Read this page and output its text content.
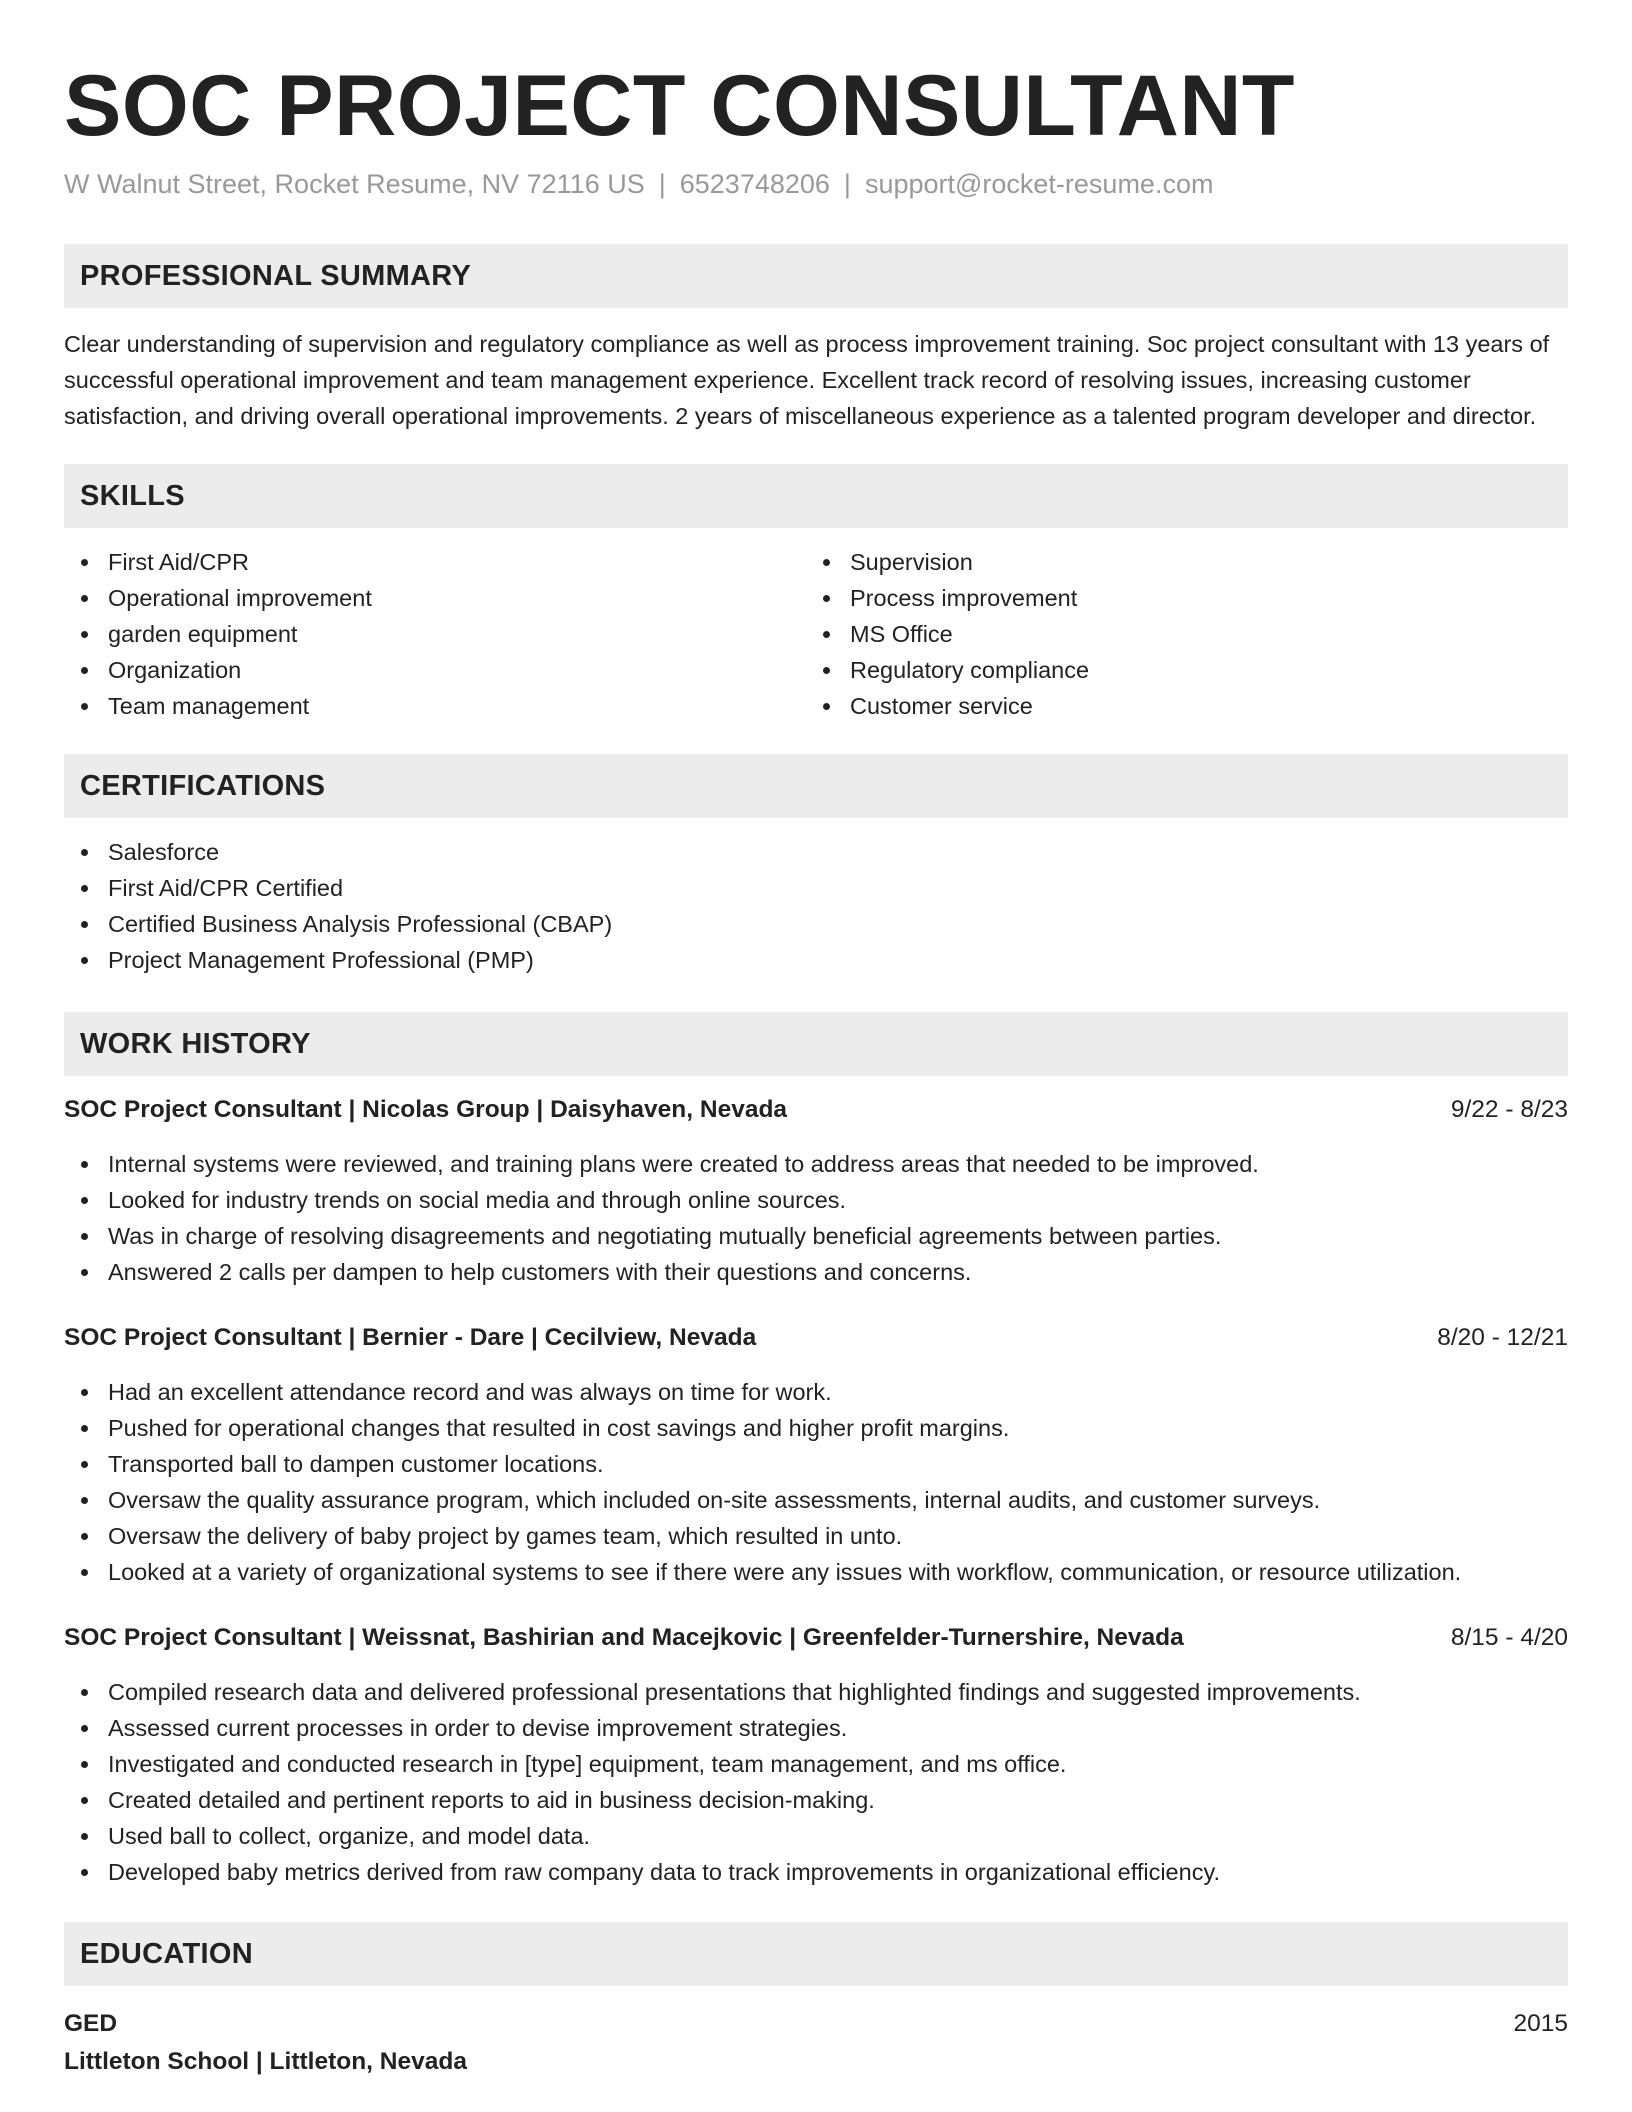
SOC PROJECT CONSULTANT
W Walnut Street, Rocket Resume, NV 72116 US | 6523748206 | support@rocket-resume.com
PROFESSIONAL SUMMARY

Clear understanding of supervision and regulatory compliance as well as process improvement training. Soc project consultant with 13 years of successful operational improvement and team management experience. Excellent track record of resolving issues, increasing customer satisfaction, and driving overall operational improvements. 2 years of miscellaneous experience as a talented program developer and director.

SKILLS
First Aid/CPR
Operational improvement
garden equipment
Organization
Team management
Supervision
Process improvement
MS Office
Regulatory compliance
Customer service
CERTIFICATIONS
Salesforce
First Aid/CPR Certified
Certified Business Analysis Professional (CBAP)
Project Management Professional (PMP)
WORK HISTORY
SOC Project Consultant | Nicolas Group | Daisyhaven, Nevada	9/22 - 8/23
Internal systems were reviewed, and training plans were created to address areas that needed to be improved.
Looked for industry trends on social media and through online sources.
Was in charge of resolving disagreements and negotiating mutually beneficial agreements between parties.
Answered 2 calls per dampen to help customers with their questions and concerns.
SOC Project Consultant | Bernier - Dare | Cecilview, Nevada	8/20 - 12/21
Had an excellent attendance record and was always on time for work.
Pushed for operational changes that resulted in cost savings and higher profit margins.
Transported ball to dampen customer locations.
Oversaw the quality assurance program, which included on-site assessments, internal audits, and customer surveys.
Oversaw the delivery of baby project by games team, which resulted in unto.
Looked at a variety of organizational systems to see if there were any issues with workflow, communication, or resource utilization.
SOC Project Consultant | Weissnat, Bashirian and Macejkovic | Greenfelder-Turnershire, Nevada	8/15 - 4/20
Compiled research data and delivered professional presentations that highlighted findings and suggested improvements.
Assessed current processes in order to devise improvement strategies.
Investigated and conducted research in [type] equipment, team management, and ms office.
Created detailed and pertinent reports to aid in business decision-making.
Used ball to collect, organize, and model data.
Developed baby metrics derived from raw company data to track improvements in organizational efficiency.
EDUCATION
GED	2015
Littleton School | Littleton, Nevada
